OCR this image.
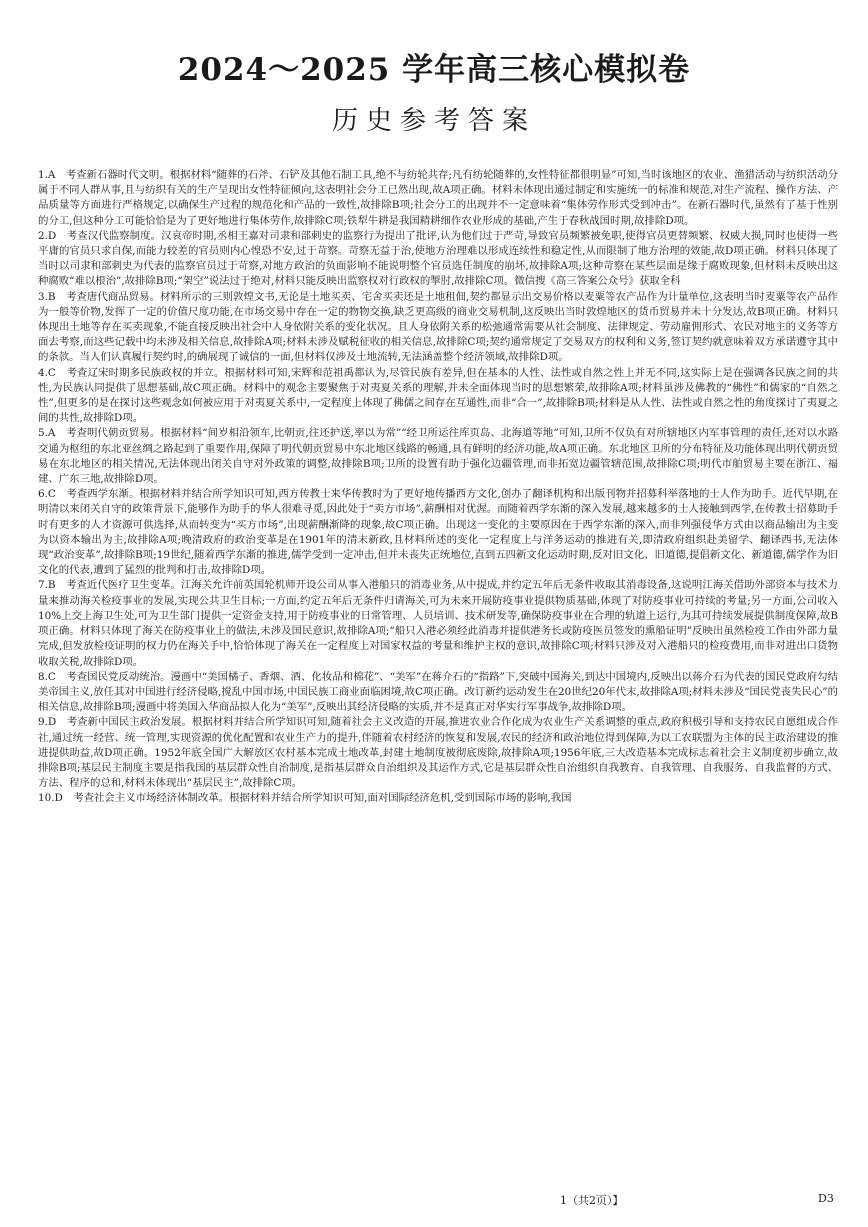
2024～2025 学年高三核心模拟卷
历史参考答案

1.A　考查新石器时代文明。根据材料“随葬的石斧、石铲及其他石制工具,绝不与纺轮共存;凡有纺轮随葬的,女性特征都很明显”可知,当时该地区的农业、渔猎活动与纺织活动分属于不同人群从事,且与纺织有关的生产呈现出女性特征倾向,这表明社会分工已然出现,故A项正确。材料未体现出通过制定和实施统一的标准和规范,对生产流程、操作方法、产品质量等方面进行严格规定,以确保生产过程的规范化和产品的一致性,故排除B项;社会分工的出现并不一定意味着“集体劳作形式受到冲击”。在新石器时代,虽然有了基于性别的分工,但这种分工可能恰恰是为了更好地进行集体劳作,故排除C项;铁犁牛耕是我国精耕细作农业形成的基础,产生于春秋战国时期,故排除D项。

2.D　考查汉代监察制度。汉哀帝时期,丞相王嘉对司隶和部刺史的监察行为提出了批评,认为他们过于严苛,导致官员频繁被免职,使得官员更替频繁、权威大损,同时也使得一些平庸的官员只求自保,而能力较差的官员则内心惶恐不安,过于苛察。苛察无益于治,使地方治理难以形成连续性和稳定性,从而限制了地方治理的效能,故D项正确。材料只体现了当时以司隶和部刺史为代表的监察官员过于苛察,对地方政治的负面影响不能说明整个官员选任制度的崩坏,故排除A项;这种苛察在某些层面是缘于腐败现象,但材料未反映出这种腐败“难以根治”,故排除B项;“架空”说法过于绝对,材料只能反映出监察权对行政权的掣肘,故排除C项。微信搜《高三答案公众号》获取全科

3.B　考查唐代商品贸易。材料所示的三则敦煌文书,无论是土地买卖、宅舍买卖还是土地租佃,契约都显示出交易价格以麦粟等农产品作为计量单位,这表明当时麦粟等农产品作为一般等价物,发挥了一定的价值尺度功能,在市场交易中存在一定的物物交换,缺乏更高级的商业交易机制,这反映出当时敦煌地区的货币贸易并未十分发达,故B项正确。材料只体现出土地等存在买卖现象,不能直接反映出社会中人身依附关系的变化状况。且人身依附关系的松弛通常需要从社会制度、法律规定、劳动雇佣形式、农民对地主的义务等方面去考察,而这些记载中均未涉及相关信息,故排除A项;材料未涉及赋税征收的相关信息,故排除C项;契约通常规定了交易双方的权利和义务,签订契约就意味着双方承诺遵守其中的条款。当人们认真履行契约时,的确展现了诚信的一面,但材料仅涉及土地流转,无法涵盖整个经济领域,故排除D项。

4.C　考查辽宋时期多民族政权的并立。根据材料可知,宋辉和范祖禹都认为,尽管民族有差异,但在基本的人性、法性或自然之性上并无不同,这实际上是在强调各民族之间的共性,为民族认同提供了思想基础,故C项正确。材料中的观念主要聚焦于对夷夏关系的理解,并未全面体现当时的思想繁荣,故排除A项;材料虽涉及佛教的“佛性”和儒家的“自然之性”,但更多的是在探讨这些观念如何被应用于对夷夏关系中,一定程度上体现了佛儒之间存在互通性,而非“合一”,故排除B项;材料是从人性、法性或自然之性的角度探讨了夷夏之间的共性,故排除D项。

5.A　考查明代朝贡贸易。根据材料“间岁相沿领车,比朝贡,往还护送,率以为常”“经卫所运往库页岛、北海道等地”可知,卫所不仅负有对所辖地区内军事管理的责任,还对以水路交通为枢纽的东北亚丝绸之路起到了重要作用,保障了明代朝贡贸易中东北地区线路的畅通,具有鲜明的经济功能,故A项正确。东北地区卫所的分布特征及功能体现出明代朝贡贸易在东北地区的相关情况,无法体现出闭关自守对外政策的调整,故排除B项;卫所的设置有助于强化边疆管理,而非拓宽边疆管辖范围,故排除C项;明代市舶贸易主要在浙江、福建、广东三地,故排除D项。

6.C　考查西学东渐。根据材料并结合所学知识可知,西方传教士来华传教时为了更好地传播西方文化,创办了翻译机构和出版刊物并招募科举落地的士人作为助手。近代早期,在明清以来闭关自守的政策背景下,能够作为助手的华人很难寻觅,因此处于“卖方市场”,薪酬相对优渥。而随着西学东渐的深入发展,越来越多的士人接触到西学,在传教士招募助手时有更多的人才资源可供选择,从而转变为“买方市场”,出现薪酬渐降的现象,故C项正确。出现这一变化的主要原因在于西学东渐的深入,而非列强侵华方式由以商品输出为主变为以资本输出为主,故排除A项;晚清政府的政治变革是在1901年的清末新政,且材料所述的变化一定程度上与洋务运动的推进有关,即清政府组织赴美留学、翻译西书,无法体现“政治变革”,故排除B项;19世纪,随着西学东渐的推进,儒学受到一定冲击,但并未丧失正统地位,直到五四新文化运动时期,反对旧文化、旧道德,提倡新文化、新道德,儒学作为旧文化的代表,遭到了猛烈的批判和打击,故排除D项。

7.B　考查近代医疗卫生变革。江海关允许前英国轮机师开设公司从事入港船只的消毒业务,从中提成,并约定五年后无条件收取其消毒设备,这说明江海关借助外部资本与技术力量来推动海关检疫事业的发展,实现公共卫生目标;一方面,约定五年后无条件归请海关,可为未来开展防疫事业提供物质基础,体现了对防疫事业可持续的考量;另一方面,公司收入10%上交上海卫生处,可为卫生部门提供一定资金支持,用于防疫事业的日常管理、人员培训、技术研发等,确保防疫事业在合理的轨道上运行,为其可持续发展提供制度保障,故B项正确。材料只体现了海关在防疫事业上的做法,未涉及国民意识,故排除A项;“船只入港必须经此消毒并提供港务长或防疫医员签发的熏船证明”反映出虽然检疫工作由外部力量完成,但发放检疫证明的权力仍在海关手中,恰恰体现了海关在一定程度上对国家权益的考量和维护主权的意识,故排除C项;材料只涉及对入港船只的检疫费用,而非对进出口货物收取关税,故排除D项。

8.C　考查国民党反动统治。漫画中“美国橘子、香烟、酒、化妆品和棉花”、“美军”在蒋介石的“指路”下,突破中国海关,到达中国境内,反映出以蒋介石为代表的国民党政府勾结美帝国主义,放任其对中国进行经济侵略,搅乱中国市场,中国民族工商业面临困境,故C项正确。改订新约运动发生在20世纪20年代末,故排除A项;材料未涉及“国民党丧失民心”的相关信息,故排除B项;漫画中将美国入华商品拟人化为“美军”,反映出其经济侵略的实质,并不是真正对华实行军事战争,故排除D项。

9.D　考查新中国民主政治发展。根据材料并结合所学知识可知,随着社会主义改造的开展,推进农业合作化成为农业生产关系调整的重点,政府积极引导和支持农民自愿组成合作社,通过统一经营、统一管理,实现资源的优化配置和农业生产力的提升,伴随着农村经济的恢复和发展,农民的经济和政治地位得到保障,为以工农联盟为主体的民主政治建设的推进提供助益,故D项正确。1952年底全国广大解放区农村基本完成土地改革,封建土地制度被彻底废除,故排除A项;1956年底,三大改造基本完成标志着社会主义制度初步确立,故排除B项;基层民主制度主要是指我国的基层群众性自治制度,是指基层群众自治组织及其运作方式,它是基层群众性自治组织自我教育、自我管理、自我服务、自我监督的方式、方法、程序的总和,材料未体现出“基层民主”,故排除C项。

10.D　考查社会主义市场经济体制改革。根据材料并结合所学知识可知,面对国际经济危机,受到国际市场的影响,我国

1（共2页）】	D3
